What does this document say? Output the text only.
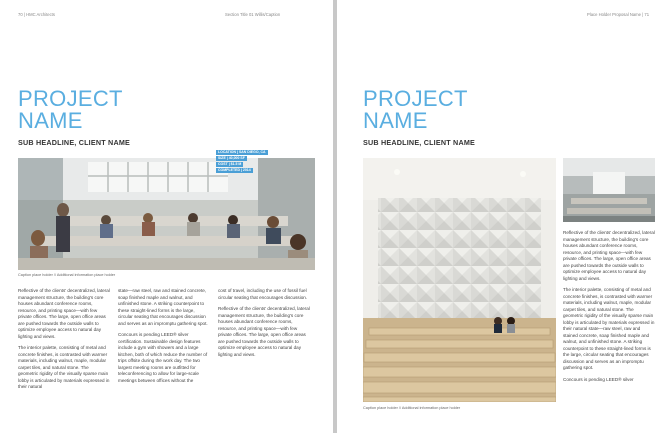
70 | HMC Architects	Section Title 01 Willis/Caption
PROJECT NAME
SUB HEADLINE, CLIENT NAME
LOCATION | SAN DIEGO, CA
SIZE | 40,000 SF
COST | $1.5 M
COMPLETED | 2014
Caption place holder // Additional information place holder

Reflective of the clients' decentralized, lateral management structure, the building's core houses abundant conference rooms, resource, and printing space—with few private offices. The large, open office areas are pushed towards the outside walls to optimize employee access to natural day lighting and views.

The interior palette, consisting of metal and concrete finishes, is contrasted with warmer materials, including walnut, maple, modular carpet tiles, and natural stone. The geometric rigidity of the visually sparse main lobby is articulated by materials expressed in their natural

state—raw steel, raw and stained concrete, soap finished maple and walnut, and unfinished stone. A striking counterpoint to these straight-lined forms is the large, circular seating that encourages discussion and serves as an impromptu gathering spot.

Concours is pending LEED® silver certification. Sustainable design features include a gym with showers and a large kitchen, both of which reduce the number of trips offsite during the work day. The two largest meeting rooms are outfitted for teleconferencing to allow for large-scale meetings between offices without the

cost of travel, including the use of fossil fuel circular seating that encourages discussion.

Reflective of the clients' decentralized, lateral management structure, the building's core houses abundant conference rooms, resource, and printing space—with few private offices. The large, open office areas are pushed towards the outside walls to optimize employee access to natural day lighting and views.

Place Holder Proposal Name | 71
PROJECT NAME
SUB HEADLINE, CLIENT NAME
Caption place holder // Additional information place holder

Reflective of the clients' decentralized, lateral management structure, the building's core houses abundant conference rooms, resource, and printing space—with few private offices. The large, open office areas are pushed towards the outside walls to optimize employee access to natural day lighting and views.

The interior palette, consisting of metal and concrete finishes, is contrasted with warmer materials, including walnut, maple, modular carpet tiles, and natural stone. The geometric rigidity of the visually sparse main lobby is articulated by materials expressed in their natural state—raw steel, raw and stained concrete, soap finished maple and walnut, and unfinished stone. A striking counterpoint to these straight-lined forms is the large, circular seating that encourages discussion and serves as an impromptu gathering spot.

Concours is pending LEED® silver
